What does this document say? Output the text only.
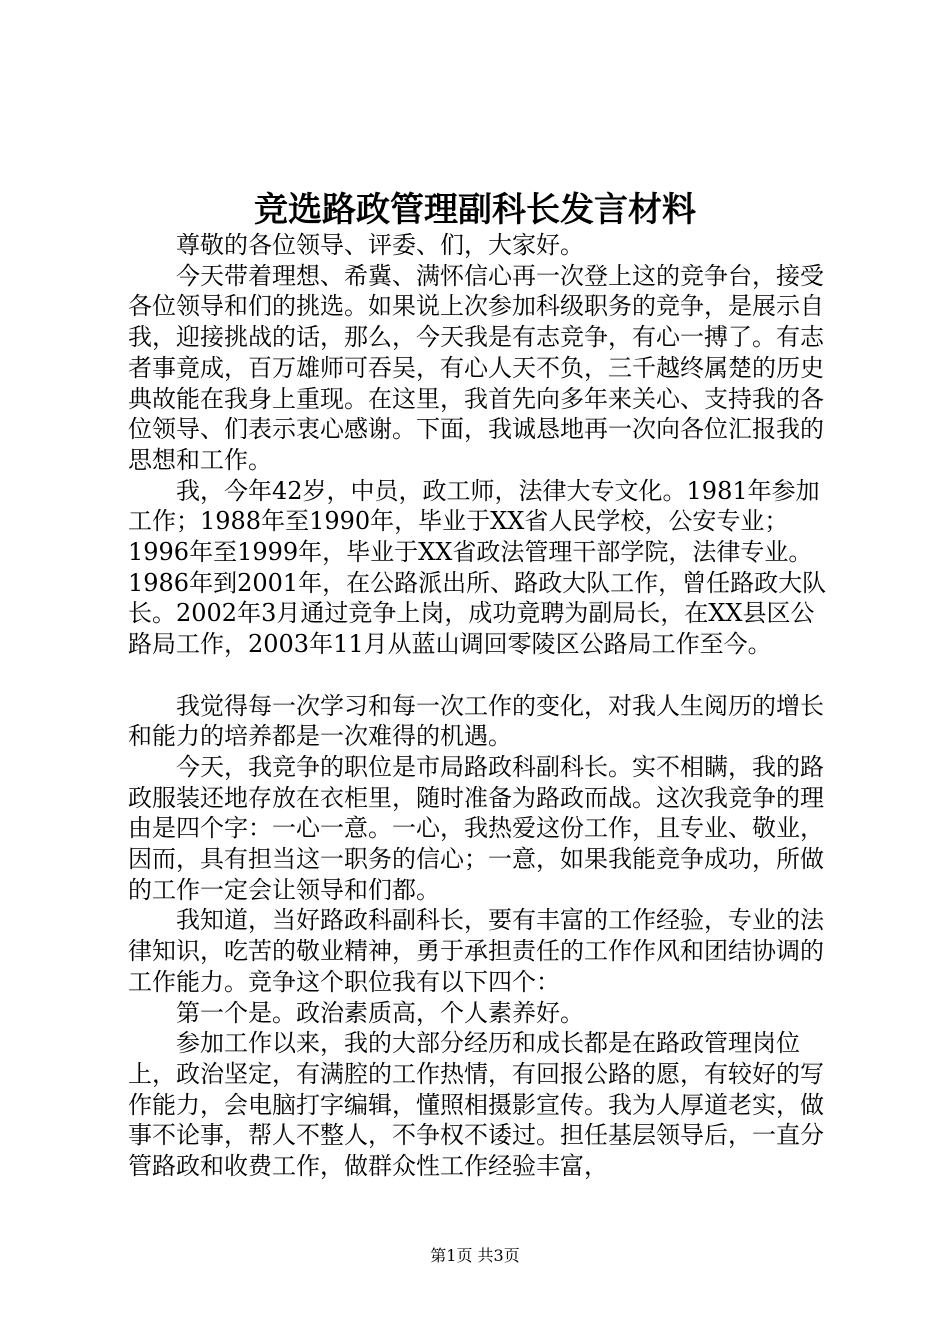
竞选路政管理副科长发言材料

尊敬的各位领导、评委、们，大家好。

今天带着理想、希冀、满怀信心再一次登上这的竞争台，接受各位领导和们的挑选。如果说上次参加科级职务的竞争，是展示自我，迎接挑战的话，那么，今天我是有志竞争，有心一搏了。有志者事竟成，百万雄师可吞吴，有心人天不负，三千越终属楚的历史典故能在我身上重现。在这里，我首先向多年来关心、支持我的各位领导、们表示衷心感谢。下面，我诚恳地再一次向各位汇报我的思想和工作。

我，今年42岁，中员，政工师，法律大专文化。1981年参加工作；1988年至1990年，毕业于XX省人民学校，公安专业；1996年至1999年，毕业于XX省政法管理干部学院，法律专业。1986年到2001年，在公路派出所、路政大队工作，曾任路政大队长。2002年3月通过竞争上岗，成功竟聘为副局长，在XX县区公路局工作，2003年11月从蓝山调回零陵区公路局工作至今。

我觉得每一次学习和每一次工作的变化，对我人生阅历的增长和能力的培养都是一次难得的机遇。

今天，我竞争的职位是市局路政科副科长。实不相瞒，我的路政服装还地存放在衣柜里，随时准备为路政而战。这次我竞争的理由是四个字：一心一意。一心，我热爱这份工作，且专业、敬业，因而，具有担当这一职务的信心；一意，如果我能竞争成功，所做的工作一定会让领导和们都。

我知道，当好路政科副科长，要有丰富的工作经验，专业的法律知识，吃苦的敬业精神，勇于承担责任的工作作风和团结协调的工作能力。竞争这个职位我有以下四个：

第一个是。政治素质高，个人素养好。

参加工作以来，我的大部分经历和成长都是在路政管理岗位上，政治坚定，有满腔的工作热情，有回报公路的愿，有较好的写作能力，会电脑打字编辑，懂照相摄影宣传。我为人厚道老实，做事不论事，帮人不整人，不争权不诿过。担任基层领导后，一直分管路政和收费工作，做群众性工作经验丰富，

第1页 共3页
